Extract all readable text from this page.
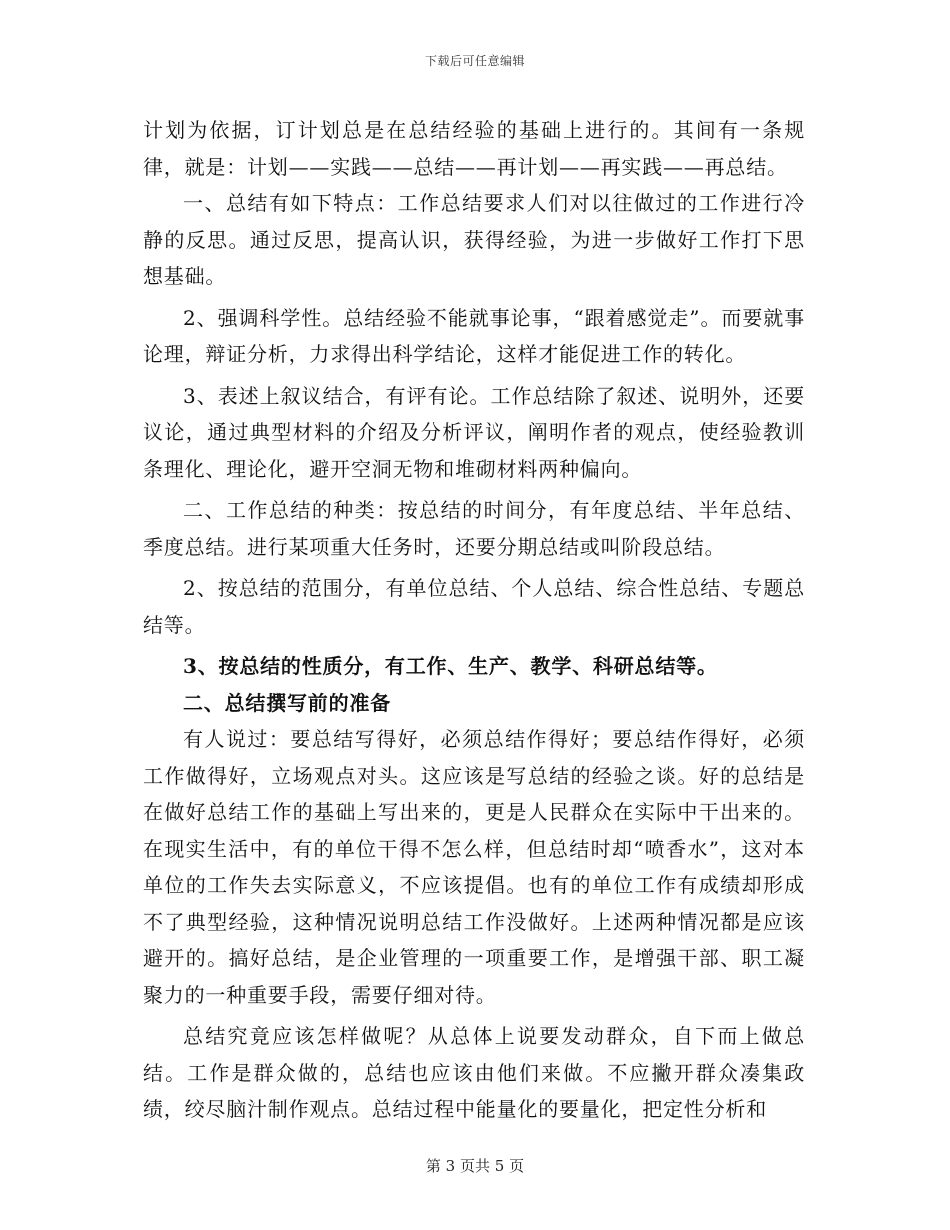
下载后可任意编辑

计划为依据，订计划总是在总结经验的基础上进行的。其间有一条规律，就是：计划——实践——总结——再计划——再实践——再总结。

一、总结有如下特点：工作总结要求人们对以往做过的工作进行冷静的反思。通过反思，提高认识，获得经验，为进一步做好工作打下思想基础。

2、强调科学性。总结经验不能就事论事，“跟着感觉走”。而要就事论理，辩证分析，力求得出科学结论，这样才能促进工作的转化。

3、表述上叙议结合，有评有论。工作总结除了叙述、说明外，还要议论，通过典型材料的介绍及分析评议，阐明作者的观点，使经验教训条理化、理论化，避开空洞无物和堆砌材料两种偏向。

二、工作总结的种类：按总结的时间分，有年度总结、半年总结、季度总结。进行某项重大任务时，还要分期总结或叫阶段总结。

2、按总结的范围分，有单位总结、个人总结、综合性总结、专题总结等。

3、按总结的性质分，有工作、生产、教学、科研总结等。

二、总结撰写前的准备

有人说过：要总结写得好，必须总结作得好；要总结作得好，必须工作做得好，立场观点对头。这应该是写总结的经验之谈。好的总结是在做好总结工作的基础上写出来的，更是人民群众在实际中干出来的。在现实生活中，有的单位干得不怎么样，但总结时却“喷香水”，这对本单位的工作失去实际意义，不应该提倡。也有的单位工作有成绩却形成不了典型经验，这种情况说明总结工作没做好。上述两种情况都是应该避开的。搞好总结，是企业管理的一项重要工作，是增强干部、职工凝聚力的一种重要手段，需要仔细对待。

总结究竟应该怎样做呢？从总体上说要发动群众，自下而上做总结。工作是群众做的，总结也应该由他们来做。不应撇开群众凑集政绩，绞尽脑汁制作观点。总结过程中能量化的要量化，把定性分析和

第 3 页共 5 页
